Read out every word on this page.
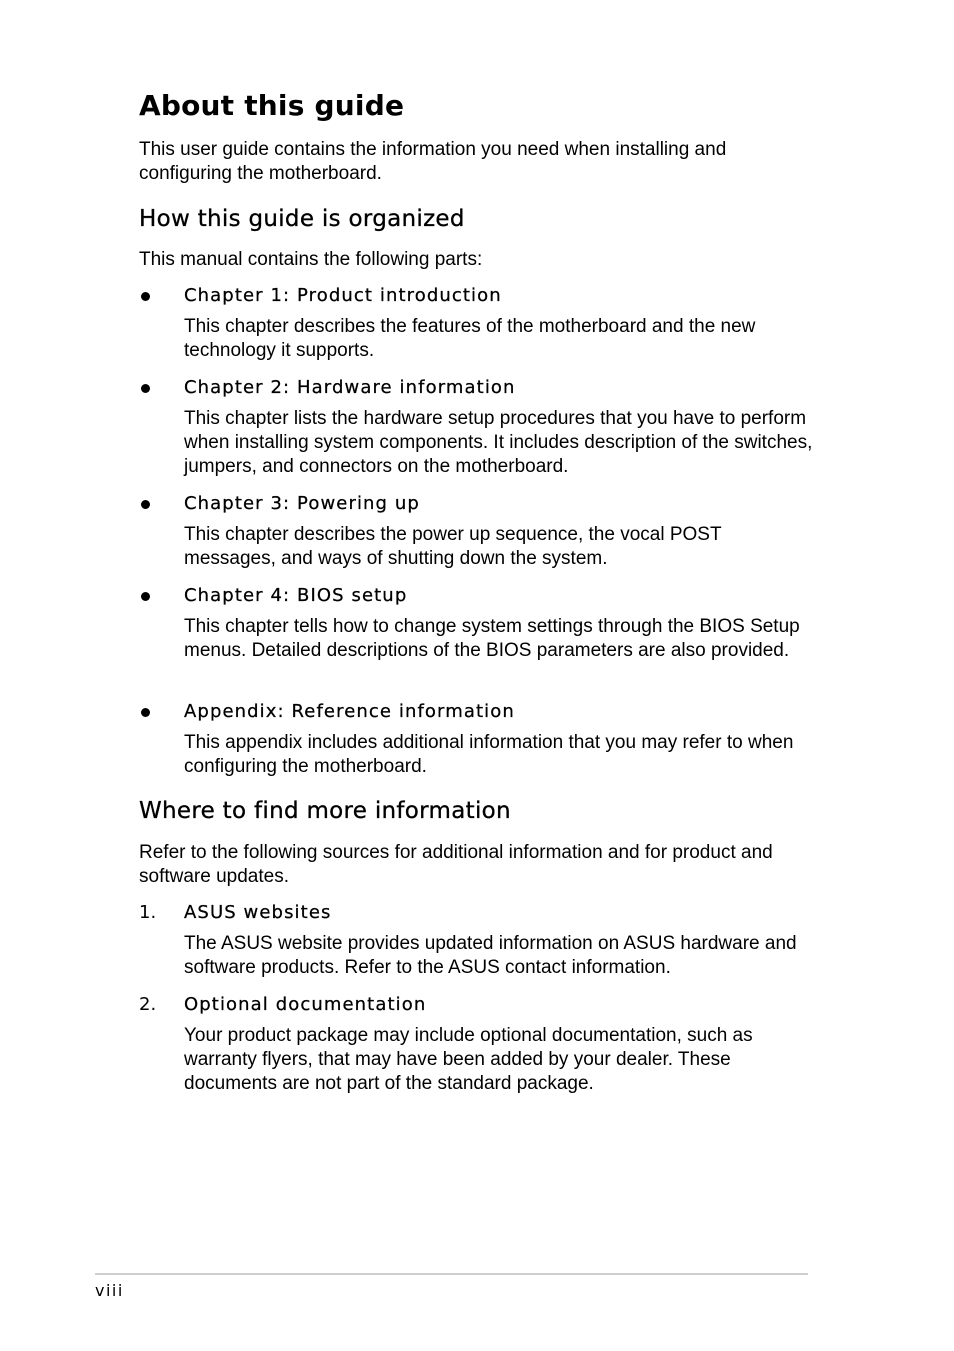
About this guide

This user guide contains the information you need when installing and configuring the motherboard.

How this guide is organized

This manual contains the following parts:

Chapter 1: Product introduction

This chapter describes the features of the motherboard and the new technology it supports.

Chapter 2: Hardware information

This chapter lists the hardware setup procedures that you have to perform when installing system components. It includes description of the switches, jumpers, and connectors on the motherboard.

Chapter 3: Powering up

This chapter describes the power up sequence, the vocal POST messages, and ways of shutting down the system.

Chapter 4: BIOS setup

This chapter tells how to change system settings through the BIOS Setup menus. Detailed descriptions of the BIOS parameters are also provided.

Appendix: Reference information

This appendix includes additional information that you may refer to when configuring the motherboard.

Where to find more information

Refer to the following sources for additional information and for product and software updates.

1. ASUS websites

The ASUS website provides updated information on ASUS hardware and software products. Refer to the ASUS contact information.

2. Optional documentation

Your product package may include optional documentation, such as warranty flyers, that may have been added by your dealer. These documents are not part of the standard package.

viii
